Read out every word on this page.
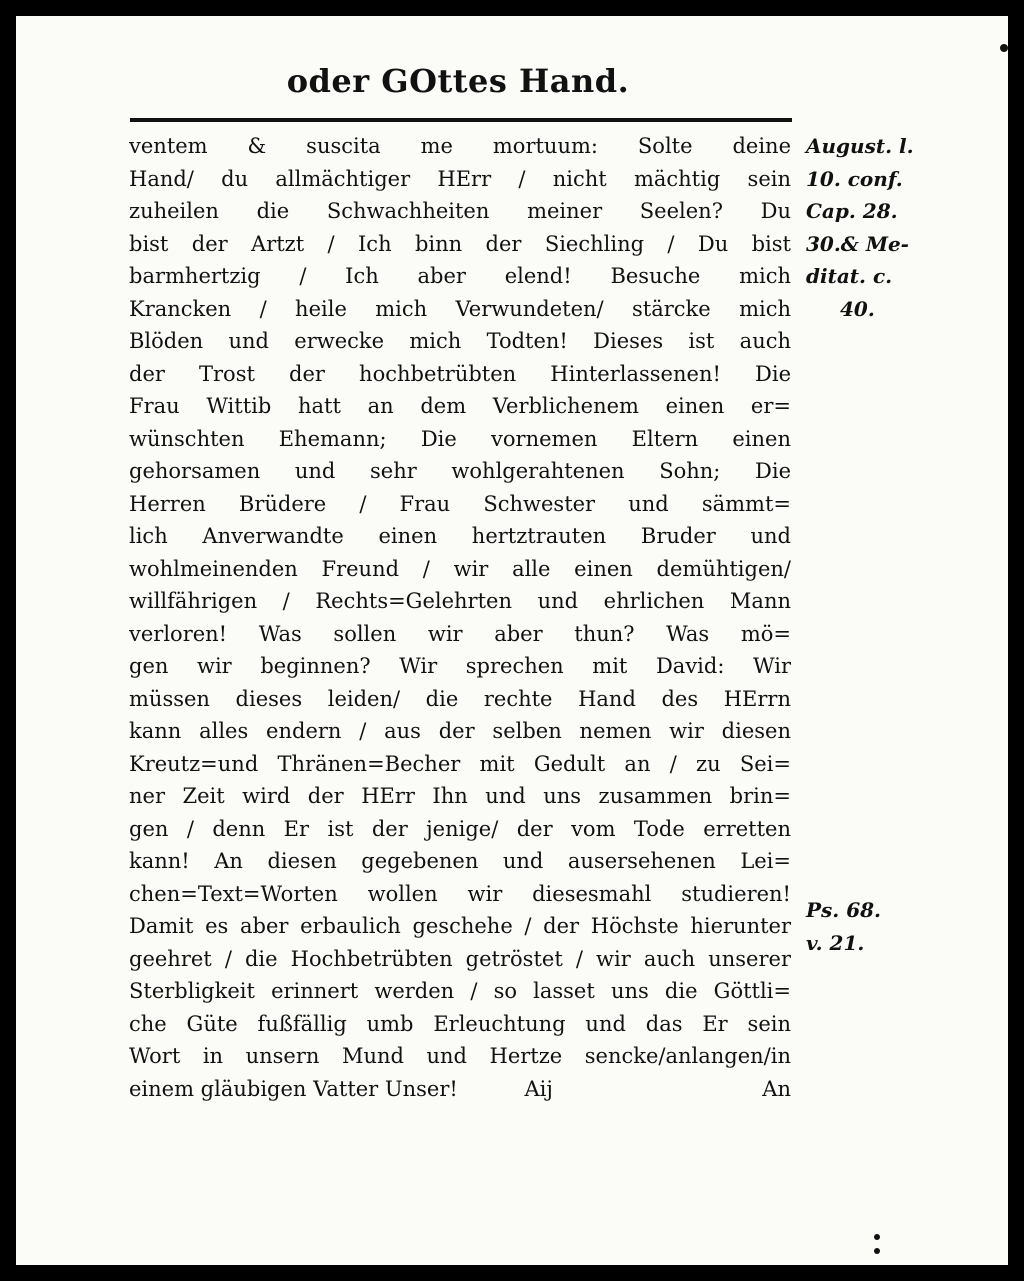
oder GOttes Hand.
ventem & suscita me mortuum: Solte deine
Hand/ du allmächtiger HErr / nicht mächtig sein
zuheilen die Schwachheiten meiner Seelen? Du
bist der Artzt / Ich binn der Siechling / Du bist
barmhertzig / Ich aber elend! Besuche mich
Krancken / heile mich Verwundeten/ stärcke mich
Blöden und erwecke mich Todten! Dieses ist auch
der Trost der hochbetrübten Hinterlassenen! Die
Frau Wittib hatt an dem Verblichenem einen er=
wünschten Ehemann; Die vornemen Eltern einen
gehorsamen und sehr wohlgerahtenen Sohn; Die
Herren Brüdere / Frau Schwester und sämmt=
lich Anverwandte einen hertztrauten Bruder und
wohlmeinenden Freund / wir alle einen demühtigen/
willfährigen / Rechts=Gelehrten und ehrlichen Mann
verloren! Was sollen wir aber thun? Was mö=
gen wir beginnen? Wir sprechen mit David: Wir
müssen dieses leiden/ die rechte Hand des HErrn
kann alles endern / aus der selben nemen wir diesen
Kreutz=und Thränen=Becher mit Gedult an / zu Sei=
ner Zeit wird der HErr Ihn und uns zusammen brin=
gen / denn Er ist der jenige/ der vom Tode erretten
kann! An diesen gegebenen und ausersehenen Lei=
chen=Text=Worten wollen wir diesesmahl studieren!
Damit es aber erbaulich geschehe / der Höchste hierunter
geehret / die Hochbetrübten getröstet / wir auch unserer
Sterbligkeit erinnert werden / so lasset uns die Göttli=
che Güte fußfällig umb Erleuchtung und das Er sein
Wort in unsern Mund und Hertze sencke/anlangen/in
einem gläubigen Vatter Unser!	Aij	An
August. l.
10. conf.
Cap. 28.
30.& Me-
ditat. c.
40.
Ps. 68.
v. 21.
